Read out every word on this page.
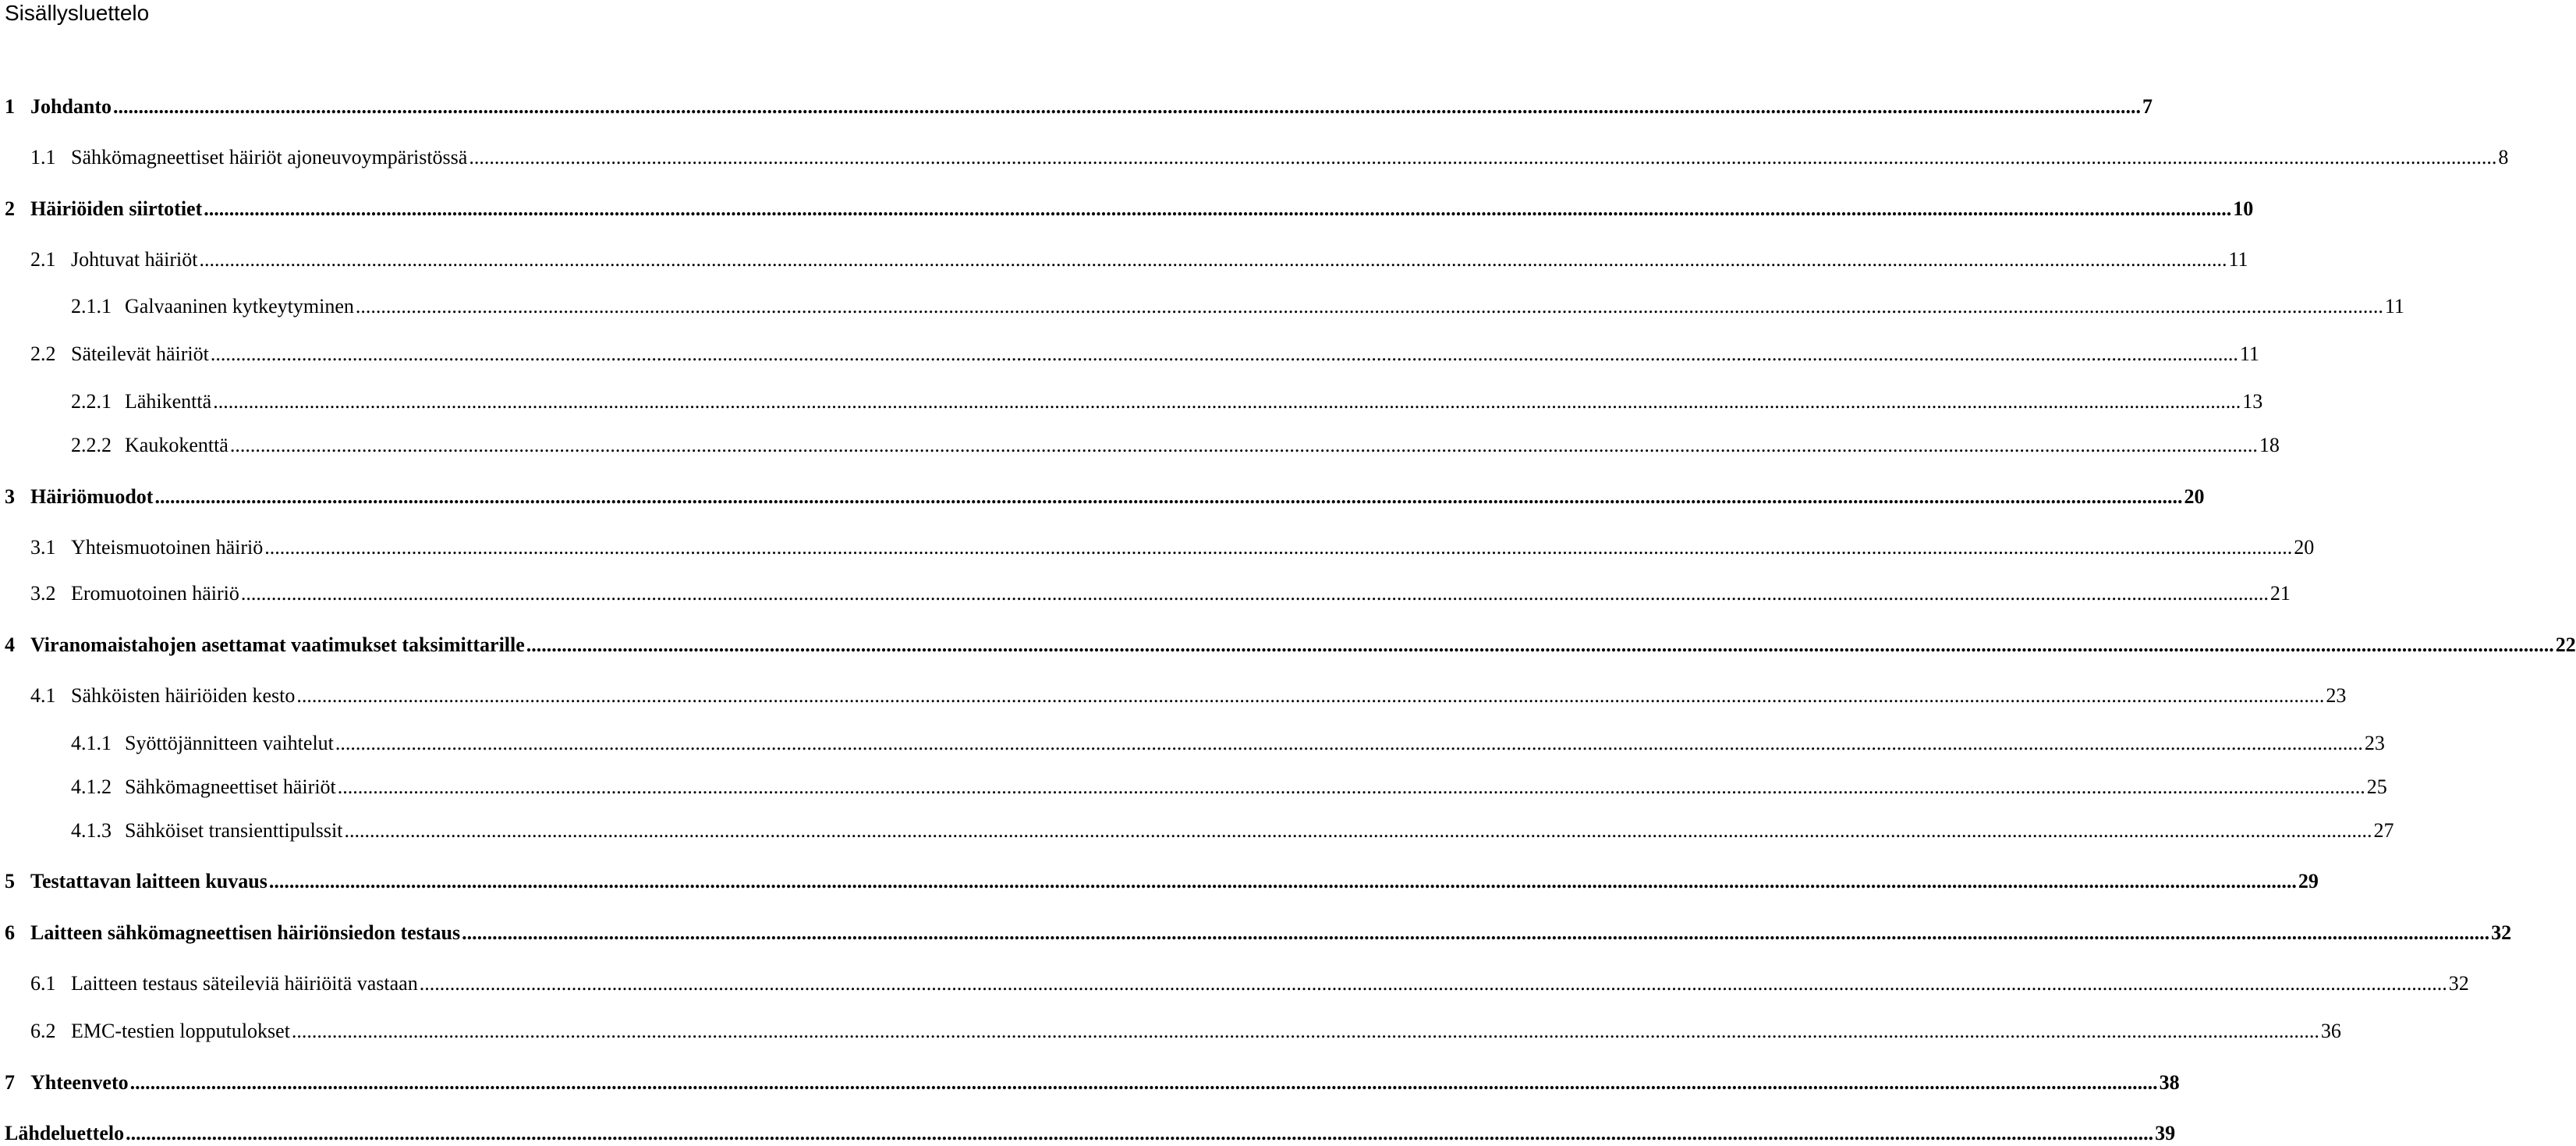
Sisällysluettelo
1 Johdanto ................................................................................................................................................................................................................................................................................................................................................................................................................ 7
1.1 Sähkömagneettiset häiriöt ajoneuvoympäristössä ................................................................................................................................................................................................................................................................................................................................................................................................................ 8
2 Häiriöiden siirtotiet ................................................................................................................................................................................................................................................................................................................................................................................................................ 10
2.1 Johtuvat häiriöt ................................................................................................................................................................................................................................................................................................................................................................................................................ 11
2.1.1 Galvaaninen kytkeytyminen ................................................................................................................................................................................................................................................................................................................................................................................................................ 11
2.2 Säteilevät häiriöt ................................................................................................................................................................................................................................................................................................................................................................................................................ 11
2.2.1 Lähikenttä ................................................................................................................................................................................................................................................................................................................................................................................................................ 13
2.2.2 Kaukokenttä ................................................................................................................................................................................................................................................................................................................................................................................................................ 18
3 Häiriömuodot ................................................................................................................................................................................................................................................................................................................................................................................................................ 20
3.1 Yhteismuotoinen häiriö ................................................................................................................................................................................................................................................................................................................................................................................................................ 20
3.2 Eromuotoinen häiriö ................................................................................................................................................................................................................................................................................................................................................................................................................ 21
4 Viranomaistahojen asettamat vaatimukset taksimittarille ................................................................................................................................................................................................................................................................................................................................................................................................................ 22
4.1 Sähköisten häiriöiden kesto ................................................................................................................................................................................................................................................................................................................................................................................................................ 23
4.1.1 Syöttöjännitteen vaihtelut ................................................................................................................................................................................................................................................................................................................................................................................................................ 23
4.1.2 Sähkömagneettiset häiriöt ................................................................................................................................................................................................................................................................................................................................................................................................................ 25
4.1.3 Sähköiset transienttipulssit ................................................................................................................................................................................................................................................................................................................................................................................................................ 27
5 Testattavan laitteen kuvaus ................................................................................................................................................................................................................................................................................................................................................................................................................ 29
6 Laitteen sähkömagneettisen häiriönsiedon testaus ................................................................................................................................................................................................................................................................................................................................................................................................................ 32
6.1 Laitteen testaus säteileviä häiriöitä vastaan ................................................................................................................................................................................................................................................................................................................................................................................................................ 32
6.2 EMC-testien lopputulokset ................................................................................................................................................................................................................................................................................................................................................................................................................ 36
7 Yhteenveto ................................................................................................................................................................................................................................................................................................................................................................................................................ 38
Lähdeluettelo ................................................................................................................................................................................................................................................................................................................................................................................................................ 39
